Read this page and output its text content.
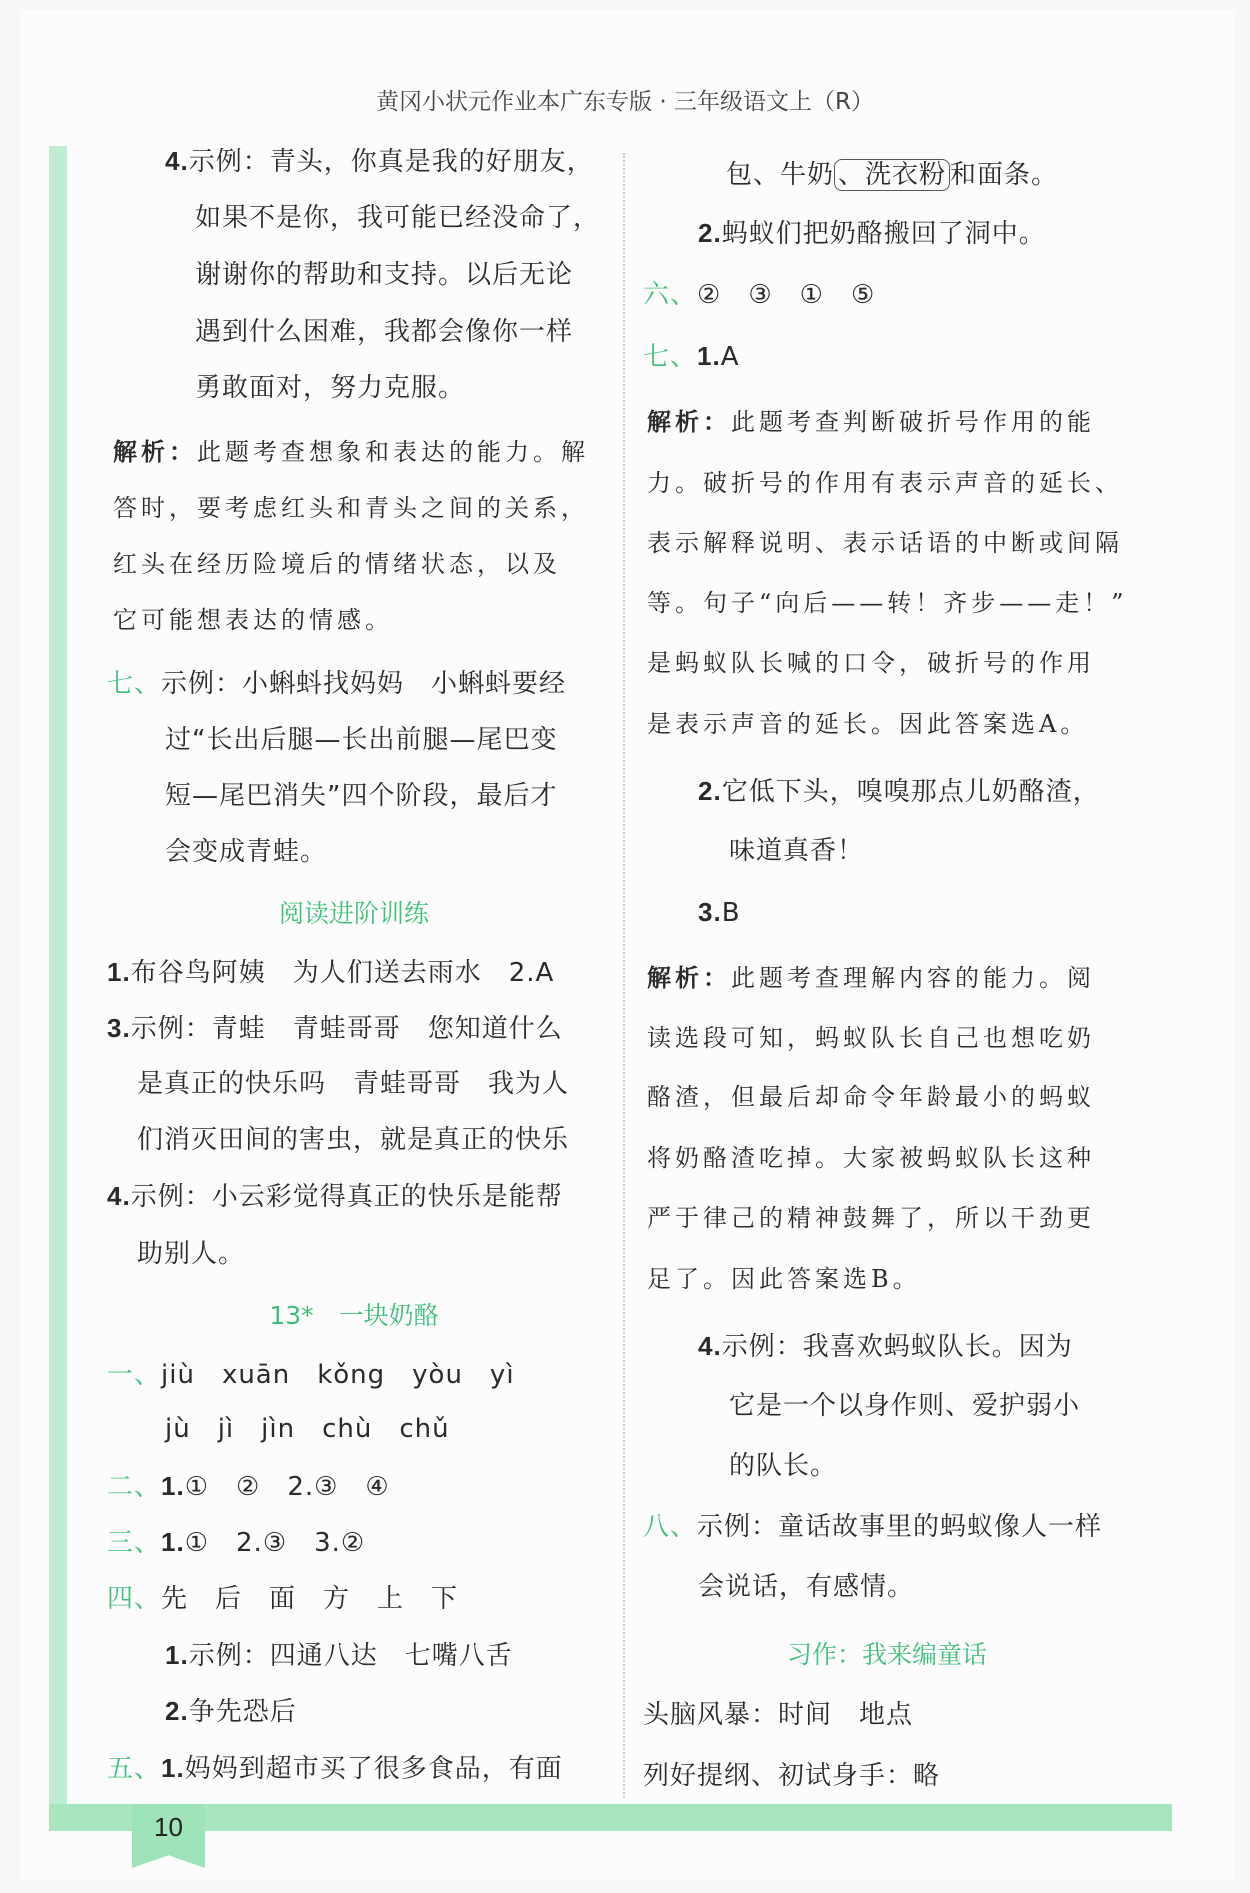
黄冈小状元作业本广东专版 · 三年级语文上（R）
10
4.示例：青头，你真是我的好朋友，
如果不是你，我可能已经没命了，
谢谢你的帮助和支持。以后无论
遇到什么困难，我都会像你一样
勇敢面对，努力克服。
解析：此题考查想象和表达的能力。解
答时，要考虑红头和青头之间的关系，
红头在经历险境后的情绪状态，以及
它可能想表达的情感。
七、示例：小蝌蚪找妈妈　小蝌蚪要经
过“长出后腿—长出前腿—尾巴变
短—尾巴消失”四个阶段，最后才
会变成青蛙。
1.布谷鸟阿姨　为人们送去雨水　2.A
3.示例：青蛙　青蛙哥哥　您知道什么
是真正的快乐吗　青蛙哥哥　我为人
们消灭田间的害虫，就是真正的快乐
4.示例：小云彩觉得真正的快乐是能帮
助别人。
一、jiù　xuān　kǒng　yòu　yì
jù　jì　jìn　chù　chǔ
二、1.①　②　2.③　④
三、1.①　2.③　3.②
四、先　后　面　方　上　下
1.示例：四通八达　七嘴八舌
2.争先恐后
五、1.妈妈到超市买了很多食品，有面
阅读进阶训练
13*　一块奶酪
包、牛奶 、洗衣粉 和面条。
2.蚂蚁们把奶酪搬回了洞中。
六、②　③　①　⑤
七、1.A
解析：此题考查判断破折号作用的能
力。破折号的作用有表示声音的延长、
表示解释说明、表示话语的中断或间隔
等。句子“向后——转！齐步——走！”
是蚂蚁队长喊的口令，破折号的作用
是表示声音的延长。因此答案选A。
2.它低下头，嗅嗅那点儿奶酪渣，
味道真香！
3.B
解析：此题考查理解内容的能力。阅
读选段可知，蚂蚁队长自己也想吃奶
酪渣，但最后却命令年龄最小的蚂蚁
将奶酪渣吃掉。大家被蚂蚁队长这种
严于律己的精神鼓舞了，所以干劲更
足了。因此答案选B。
4.示例：我喜欢蚂蚁队长。因为
它是一个以身作则、爱护弱小
的队长。
八、示例：童话故事里的蚂蚁像人一样
会说话，有感情。
头脑风暴：时间　地点
列好提纲、初试身手：略
习作：我来编童话
